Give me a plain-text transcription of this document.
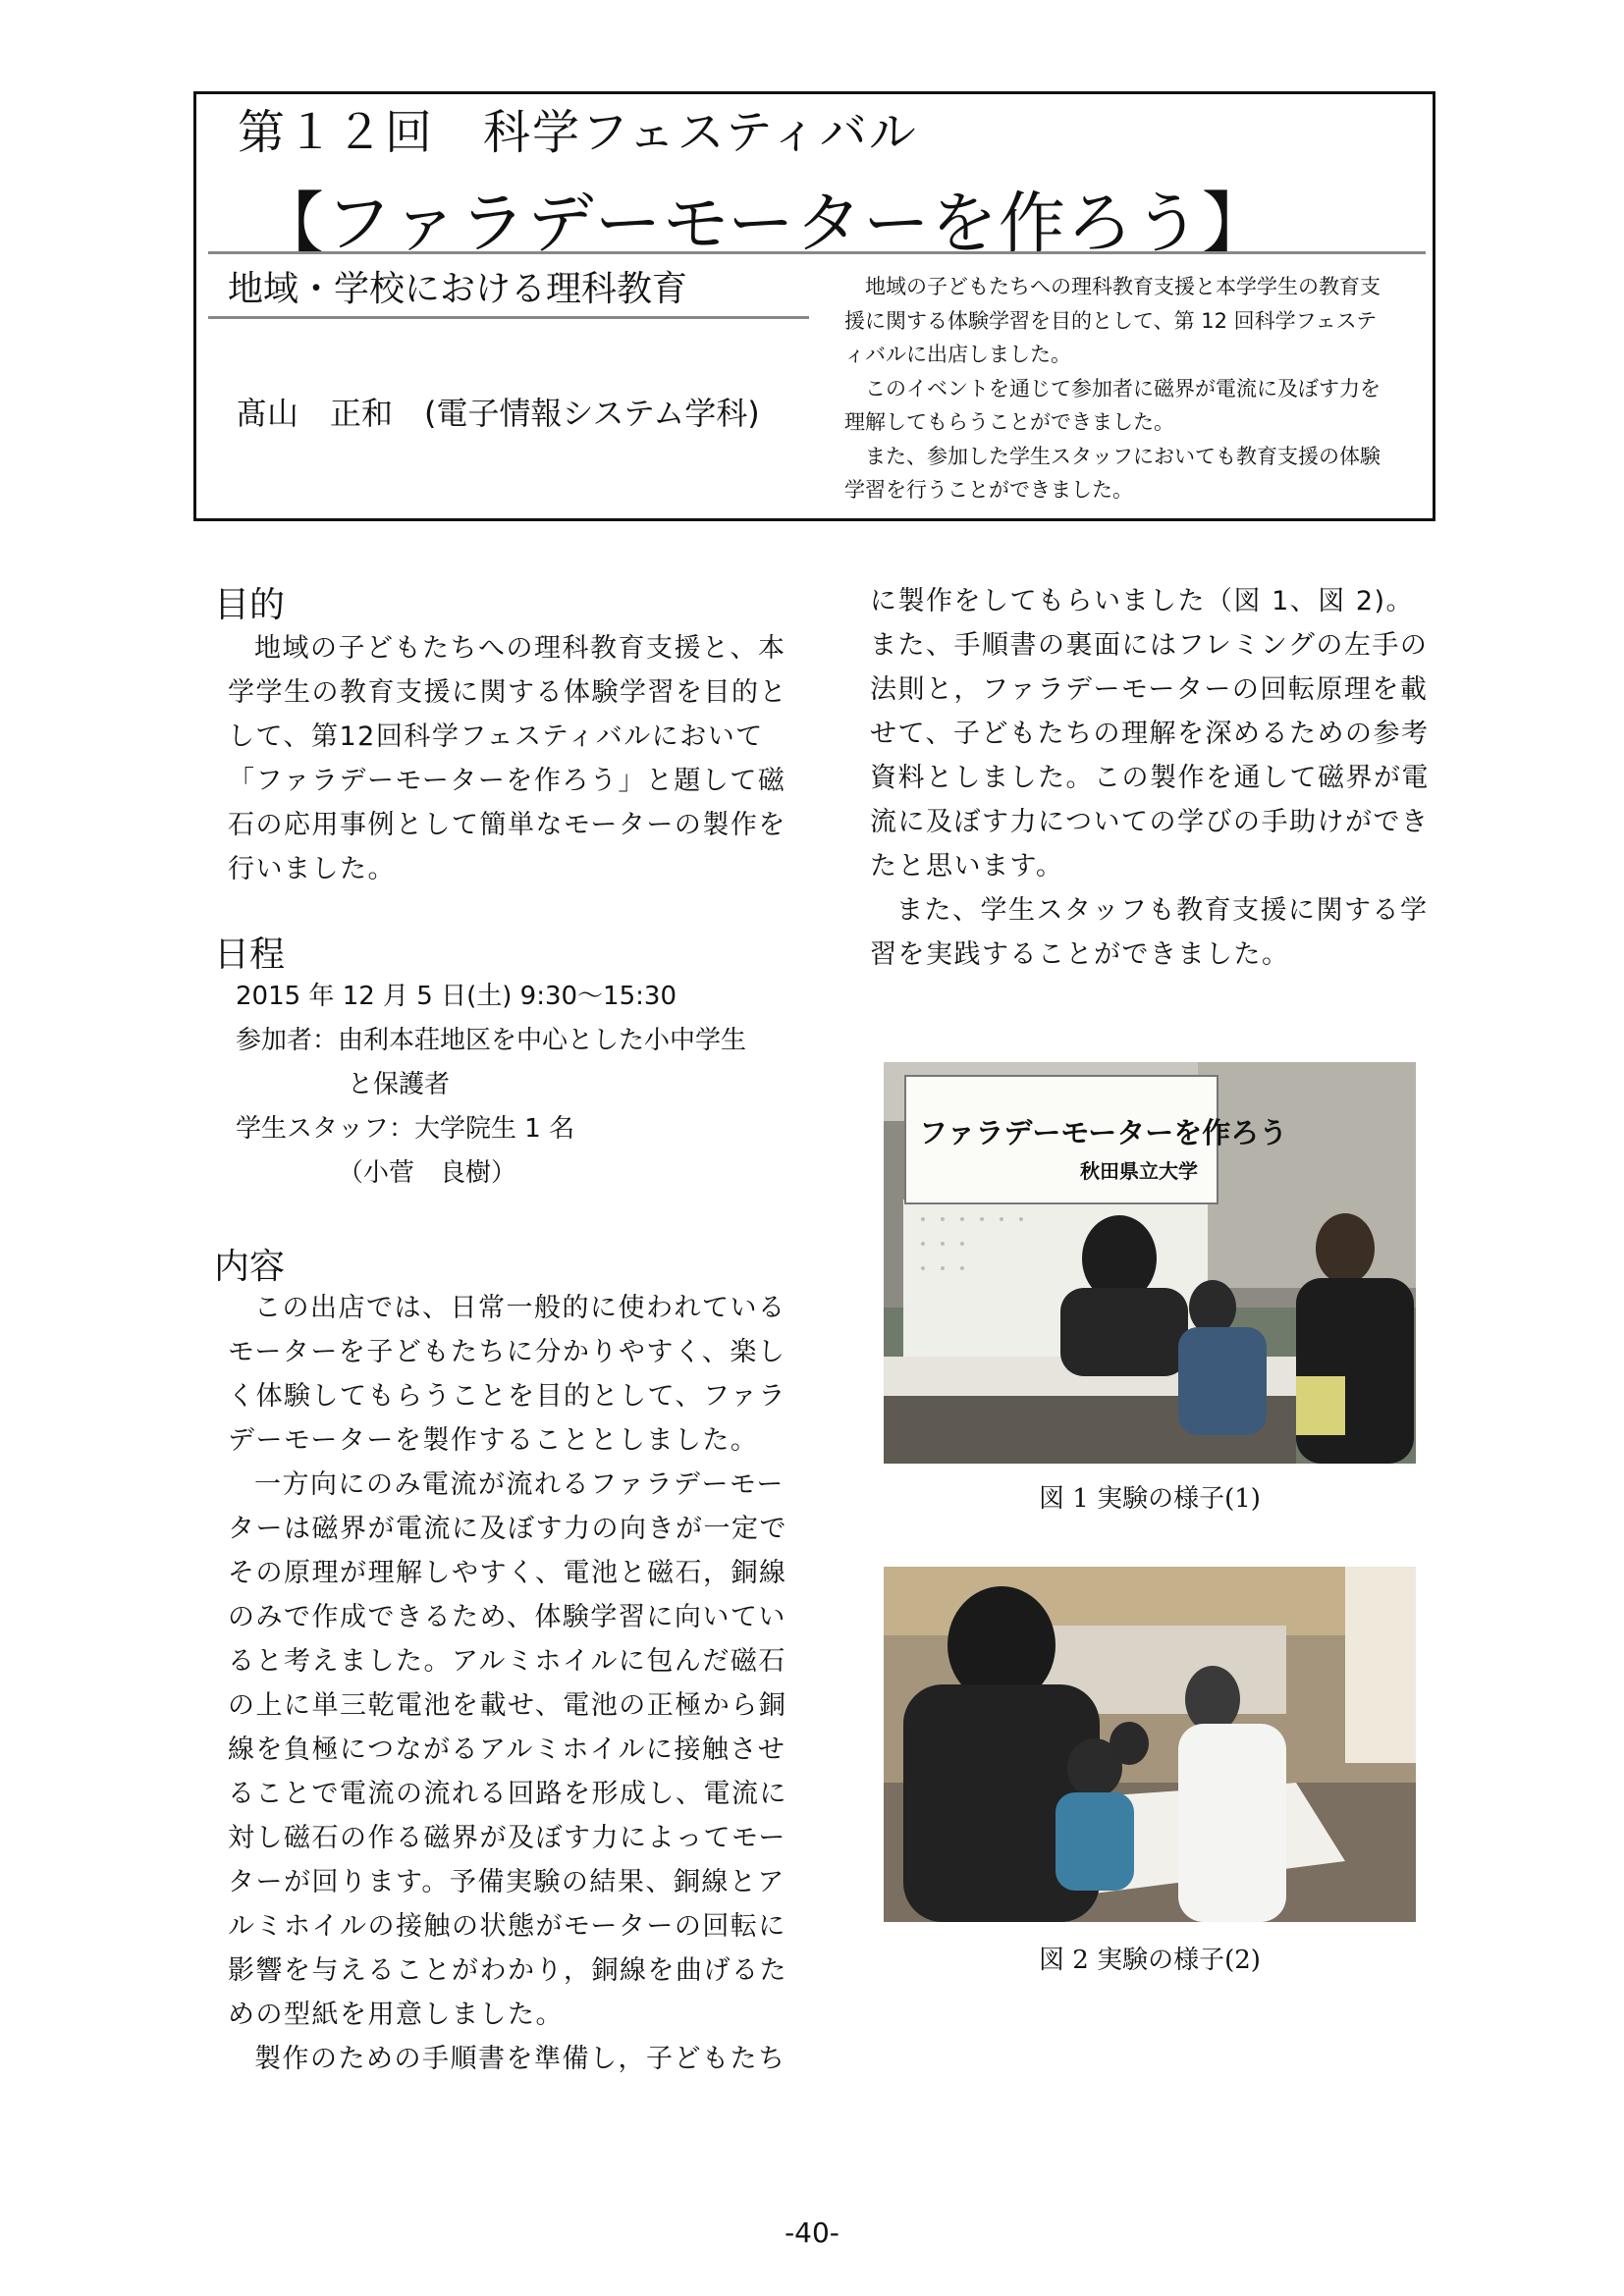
第１２回　科学フェスティバル
【ファラデーモーターを作ろう】
地域・学校における理科教育
髙山　正和　(電子情報システム学科)

地域の子どもたちへの理科教育支援と本学学生の教育支援に関する体験学習を目的として、第 12 回科学フェスティバルに出店しました。

このイベントを通じて参加者に磁界が電流に及ぼす力を理解してもらうことができました。

また、参加した学生スタッフにおいても教育支援の体験学習を行うことができました。

目的

地域の子どもたちへの理科教育支援と、本学学生の教育支援に関する体験学習を目的として、第12回科学フェスティバルにおいて「ファラデーモーターを作ろう」と題して磁石の応用事例として簡単なモーターの製作を行いました。

日程
2015 年 12 月 5 日(土) 9:30～15:30
参加者：由利本荘地区を中心とした小中学生
と保護者
学生スタッフ：大学院生 1 名
（小菅　良樹）
内容

この出店では、日常一般的に使われているモーターを子どもたちに分かりやすく、楽しく体験してもらうことを目的として、ファラデーモーターを製作することとしました。

一方向にのみ電流が流れるファラデーモーターは磁界が電流に及ぼす力の向きが一定でその原理が理解しやすく、電池と磁石，銅線のみで作成できるため、体験学習に向いていると考えました。アルミホイルに包んだ磁石の上に単三乾電池を載せ、電池の正極から銅線を負極につながるアルミホイルに接触させることで電流の流れる回路を形成し、電流に対し磁石の作る磁界が及ぼす力によってモーターが回ります。予備実験の結果、銅線とアルミホイルの接触の状態がモーターの回転に影響を与えることがわかり，銅線を曲げるための型紙を用意しました。

製作のための手順書を準備し，子どもたち

に製作をしてもらいました（図 1、図 2)。また、手順書の裏面にはフレミングの左手の法則と，ファラデーモーターの回転原理を載せて、子どもたちの理解を深めるための参考資料としました。この製作を通して磁界が電流に及ぼす力についての学びの手助けができたと思います。

また、学生スタッフも教育支援に関する学習を実践することができました。

ファラデーモーターを作ろう
秋田県立大学
図 1 実験の様子(1)
図 2 実験の様子(2)
-40-
